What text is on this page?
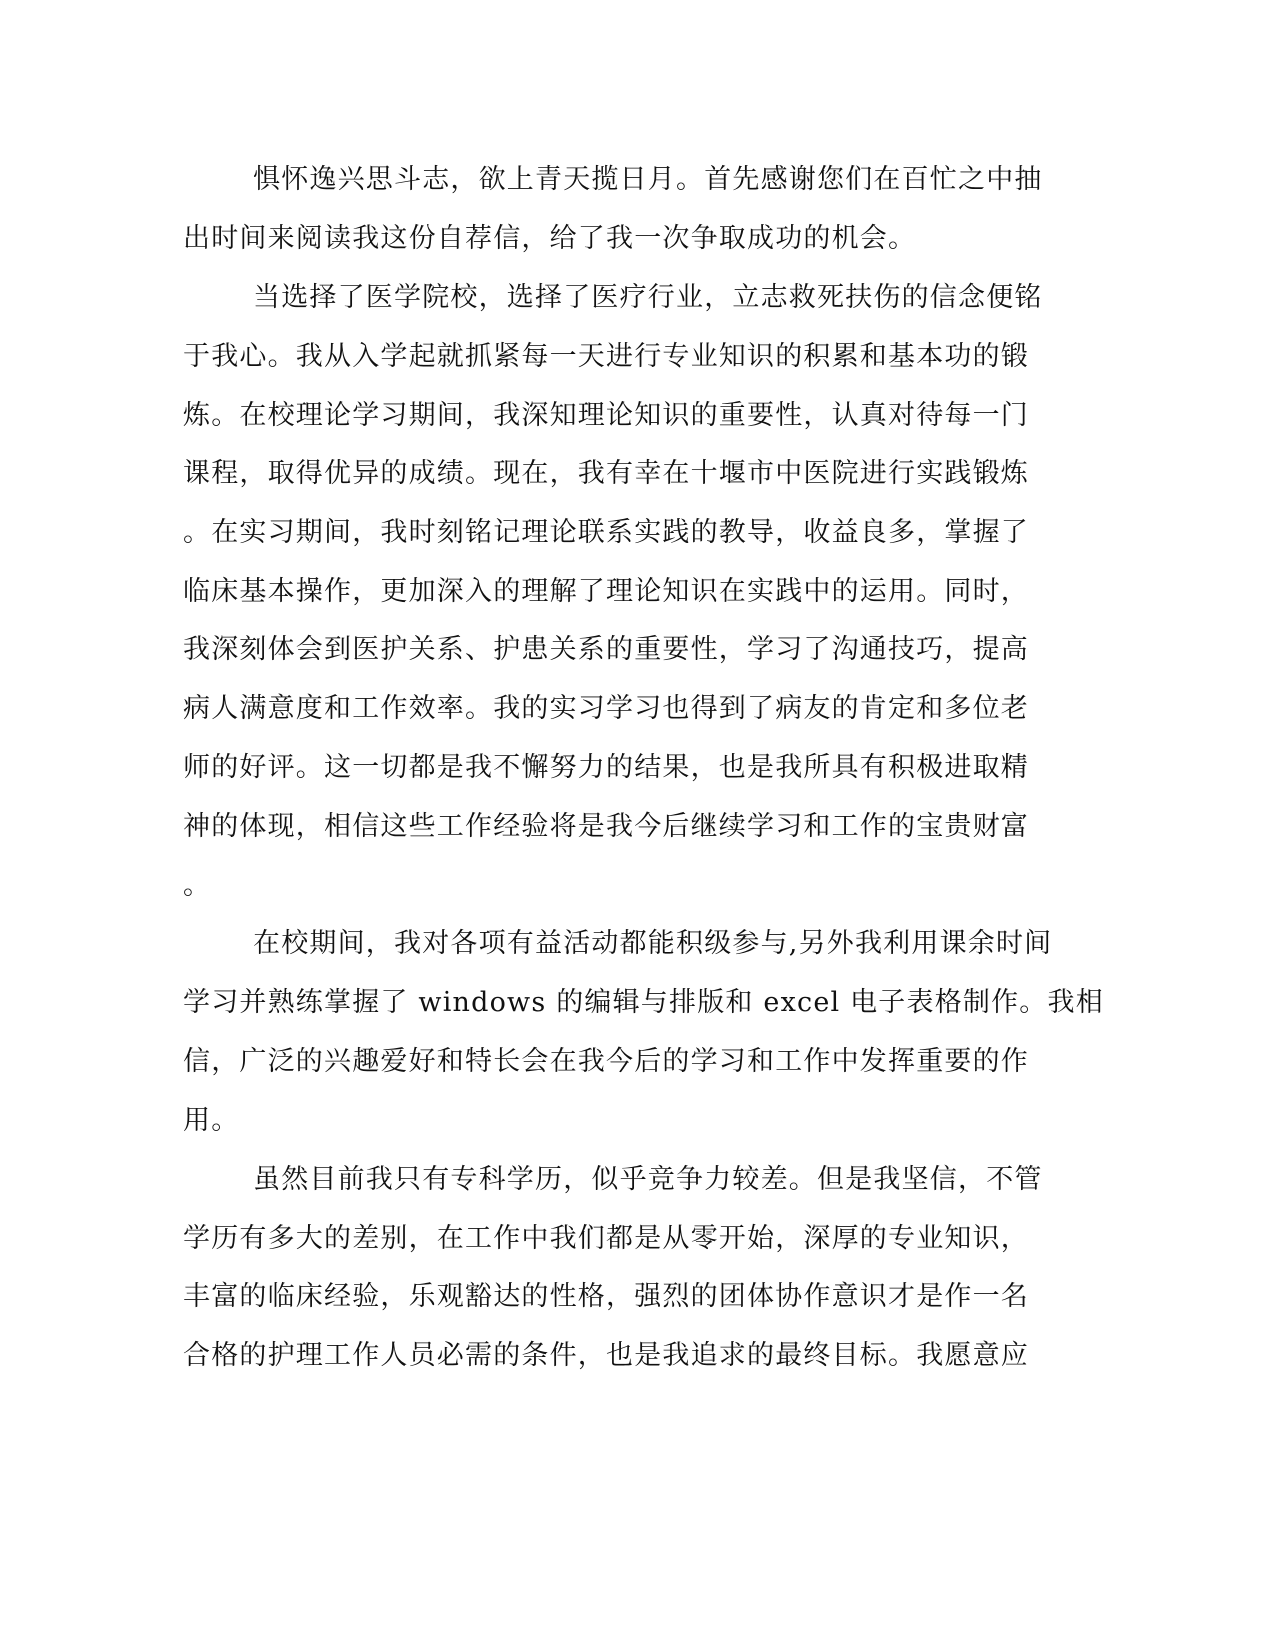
惧怀逸兴思斗志，欲上青天揽日月。首先感谢您们在百忙之中抽
出时间来阅读我这份自荐信，给了我一次争取成功的机会。
当选择了医学院校，选择了医疗行业，立志救死扶伤的信念便铭
于我心。我从入学起就抓紧每一天进行专业知识的积累和基本功的锻
炼。在校理论学习期间，我深知理论知识的重要性，认真对待每一门
课程，取得优异的成绩。现在，我有幸在十堰市中医院进行实践锻炼
。在实习期间，我时刻铭记理论联系实践的教导，收益良多，掌握了
临床基本操作，更加深入的理解了理论知识在实践中的运用。同时，
我深刻体会到医护关系、护患关系的重要性，学习了沟通技巧，提高
病人满意度和工作效率。我的实习学习也得到了病友的肯定和多位老
师的好评。这一切都是我不懈努力的结果，也是我所具有积极进取精
神的体现，相信这些工作经验将是我今后继续学习和工作的宝贵财富
。
在校期间，我对各项有益活动都能积级参与,另外我利用课余时间
学习并熟练掌握了 windows 的编辑与排版和 excel 电子表格制作。我相
信，广泛的兴趣爱好和特长会在我今后的学习和工作中发挥重要的作
用。
虽然目前我只有专科学历，似乎竞争力较差。但是我坚信，不管
学历有多大的差别，在工作中我们都是从零开始，深厚的专业知识，
丰富的临床经验，乐观豁达的性格，强烈的团体协作意识才是作一名
合格的护理工作人员必需的条件，也是我追求的最终目标。我愿意应
